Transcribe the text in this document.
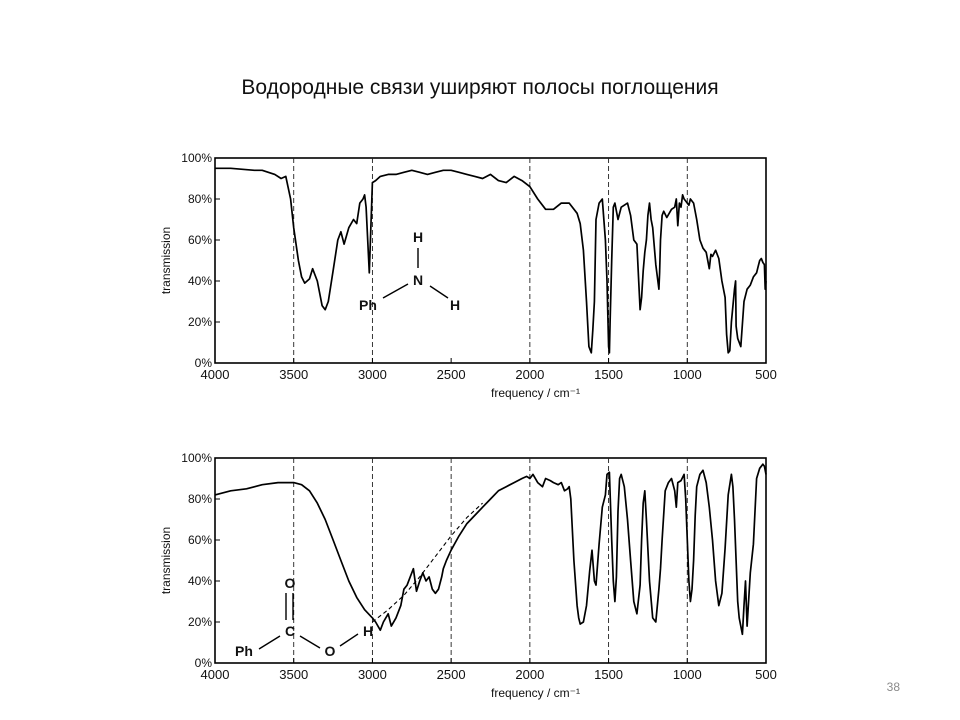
Водородные связи уширяют полосы поглощения
0%
20%
40%
60%
80%
100%
4000	3500	3000	2500	2000	1500	1000	500
frequency / cm⁻¹
transmission	H
N
Ph	H
0%
20%
40%
60%
80%
100%
4000	3500	3000	2500	2000	1500	1000	500
frequency / cm⁻¹
transmission	O
C
Ph	O
H
38
